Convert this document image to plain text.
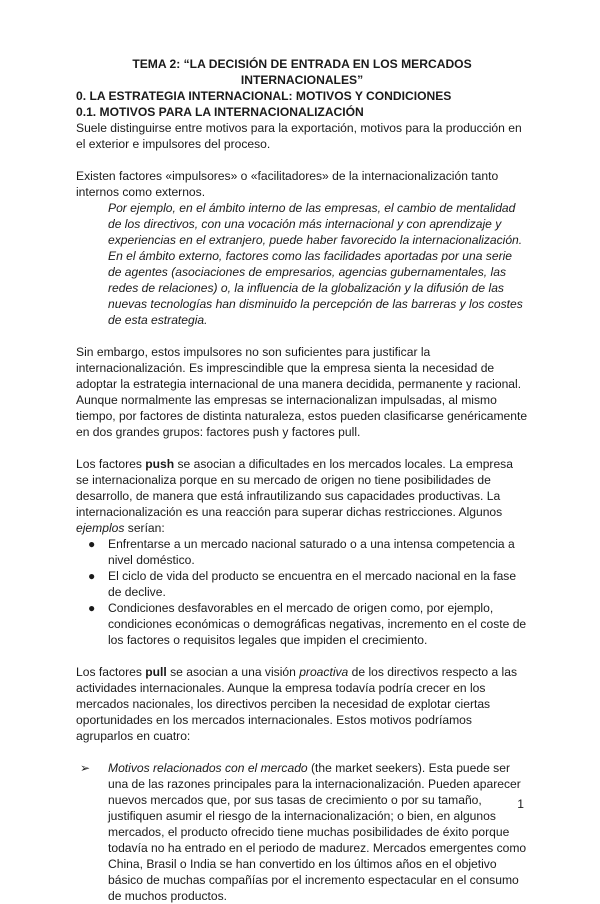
TEMA 2: “LA DECISIÓN DE ENTRADA EN LOS MERCADOS INTERNACIONALES”

0. LA ESTRATEGIA INTERNACIONAL: MOTIVOS Y CONDICIONES

0.1. MOTIVOS PARA LA INTERNACIONALIZACIÓN

Suele distinguirse entre motivos para la exportación, motivos para la producción en el exterior e impulsores del proceso.

Existen factores «impulsores» o «facilitadores» de la internacionalización tanto internos como externos.

Por ejemplo, en el ámbito interno de las empresas, el cambio de mentalidad de los directivos, con una vocación más internacional y con aprendizaje y experiencias en el extranjero, puede haber favorecido la internacionalización. En el ámbito externo, factores como las facilidades aportadas por una serie de agentes (asociaciones de empresarios, agencias gubernamentales, las redes de relaciones) o, la influencia de la globalización y la difusión de las nuevas tecnologías han disminuido la percepción de las barreras y los costes de esta estrategia.

Sin embargo, estos impulsores no son suficientes para justificar la internacionalización. Es imprescindible que la empresa sienta la necesidad de adoptar la estrategia internacional de una manera decidida, permanente y racional. Aunque normalmente las empresas se internacionalizan impulsadas, al mismo tiempo, por factores de distinta naturaleza, estos pueden clasificarse genéricamente en dos grandes grupos: factores push y factores pull.

Los factores push se asocian a dificultades en los mercados locales. La empresa se internacionaliza porque en su mercado de origen no tiene posibilidades de desarrollo, de manera que está infrautilizando sus capacidades productivas. La internacionalización es una reacción para superar dichas restricciones. Algunos ejemplos serían:

● Enfrentarse a un mercado nacional saturado o a una intensa competencia a nivel doméstico.
● El ciclo de vida del producto se encuentra en el mercado nacional en la fase de declive.
● Condiciones desfavorables en el mercado de origen como, por ejemplo, condiciones económicas o demográficas negativas, incremento en el coste de los factores o requisitos legales que impiden el crecimiento.

Los factores pull se asocian a una visión proactiva de los directivos respecto a las actividades internacionales. Aunque la empresa todavía podría crecer en los mercados nacionales, los directivos perciben la necesidad de explotar ciertas oportunidades en los mercados internacionales. Estos motivos podríamos agruparlos en cuatro:

➢ Motivos relacionados con el mercado (the market seekers). Esta puede ser una de las razones principales para la internacionalización. Pueden aparecer nuevos mercados que, por sus tasas de crecimiento o por su tamaño, justifiquen asumir el riesgo de la internacionalización; o bien, en algunos mercados, el producto ofrecido tiene muchas posibilidades de éxito porque todavía no ha entrado en el periodo de madurez. Mercados emergentes como China, Brasil o India se han convertido en los últimos años en el objetivo básico de muchas compañías por el incremento espectacular en el consumo de muchos productos.
1
